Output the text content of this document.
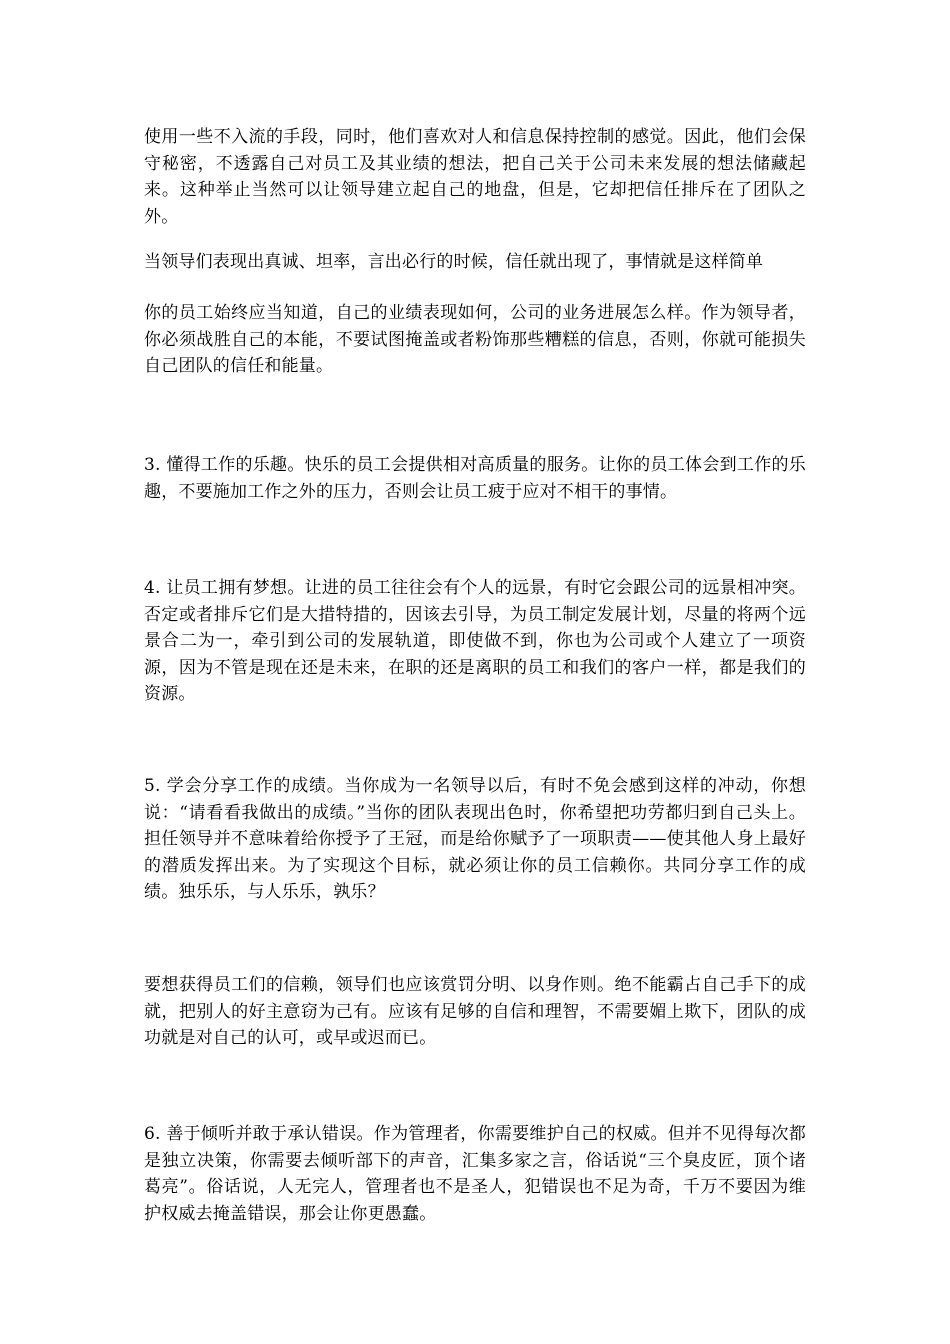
使用一些不入流的手段，同时，他们喜欢对人和信息保持控制的感觉。因此，他们会保守秘密，不透露自己对员工及其业绩的想法，把自己关于公司未来发展的想法储藏起来。这种举止当然可以让领导建立起自己的地盘，但是，它却把信任排斥在了团队之外。

当领导们表现出真诚、坦率，言出必行的时候，信任就出现了，事情就是这样简单

你的员工始终应当知道，自己的业绩表现如何，公司的业务进展怎么样。作为领导者，你必须战胜自己的本能，不要试图掩盖或者粉饰那些糟糕的信息，否则，你就可能损失自己团队的信任和能量。

3. 懂得工作的乐趣。快乐的员工会提供相对高质量的服务。让你的员工体会到工作的乐趣，不要施加工作之外的压力，否则会让员工疲于应对不相干的事情。

4. 让员工拥有梦想。让进的员工往往会有个人的远景，有时它会跟公司的远景相冲突。否定或者排斥它们是大措特措的，因该去引导，为员工制定发展计划，尽量的将两个远景合二为一，牵引到公司的发展轨道，即使做不到，你也为公司或个人建立了一项资源，因为不管是现在还是未来，在职的还是离职的员工和我们的客户一样，都是我们的资源。

5. 学会分享工作的成绩。当你成为一名领导以后，有时不免会感到这样的冲动，你想说：“请看看我做出的成绩。”当你的团队表现出色时，你希望把功劳都归到自己头上。担任领导并不意味着给你授予了王冠，而是给你赋予了一项职责——使其他人身上最好的潜质发挥出来。为了实现这个目标，就必须让你的员工信赖你。共同分享工作的成绩。独乐乐，与人乐乐，孰乐？

要想获得员工们的信赖，领导们也应该赏罚分明、以身作则。绝不能霸占自己手下的成就，把别人的好主意窃为己有。应该有足够的自信和理智，不需要媚上欺下，团队的成功就是对自己的认可，或早或迟而已。

6. 善于倾听并敢于承认错误。作为管理者，你需要维护自己的权威。但并不见得每次都是独立决策，你需要去倾听部下的声音，汇集多家之言，俗话说“三个臭皮匠，顶个诸葛亮”。俗话说，人无完人，管理者也不是圣人，犯错误也不足为奇，千万不要因为维护权威去掩盖错误，那会让你更愚蠢。
